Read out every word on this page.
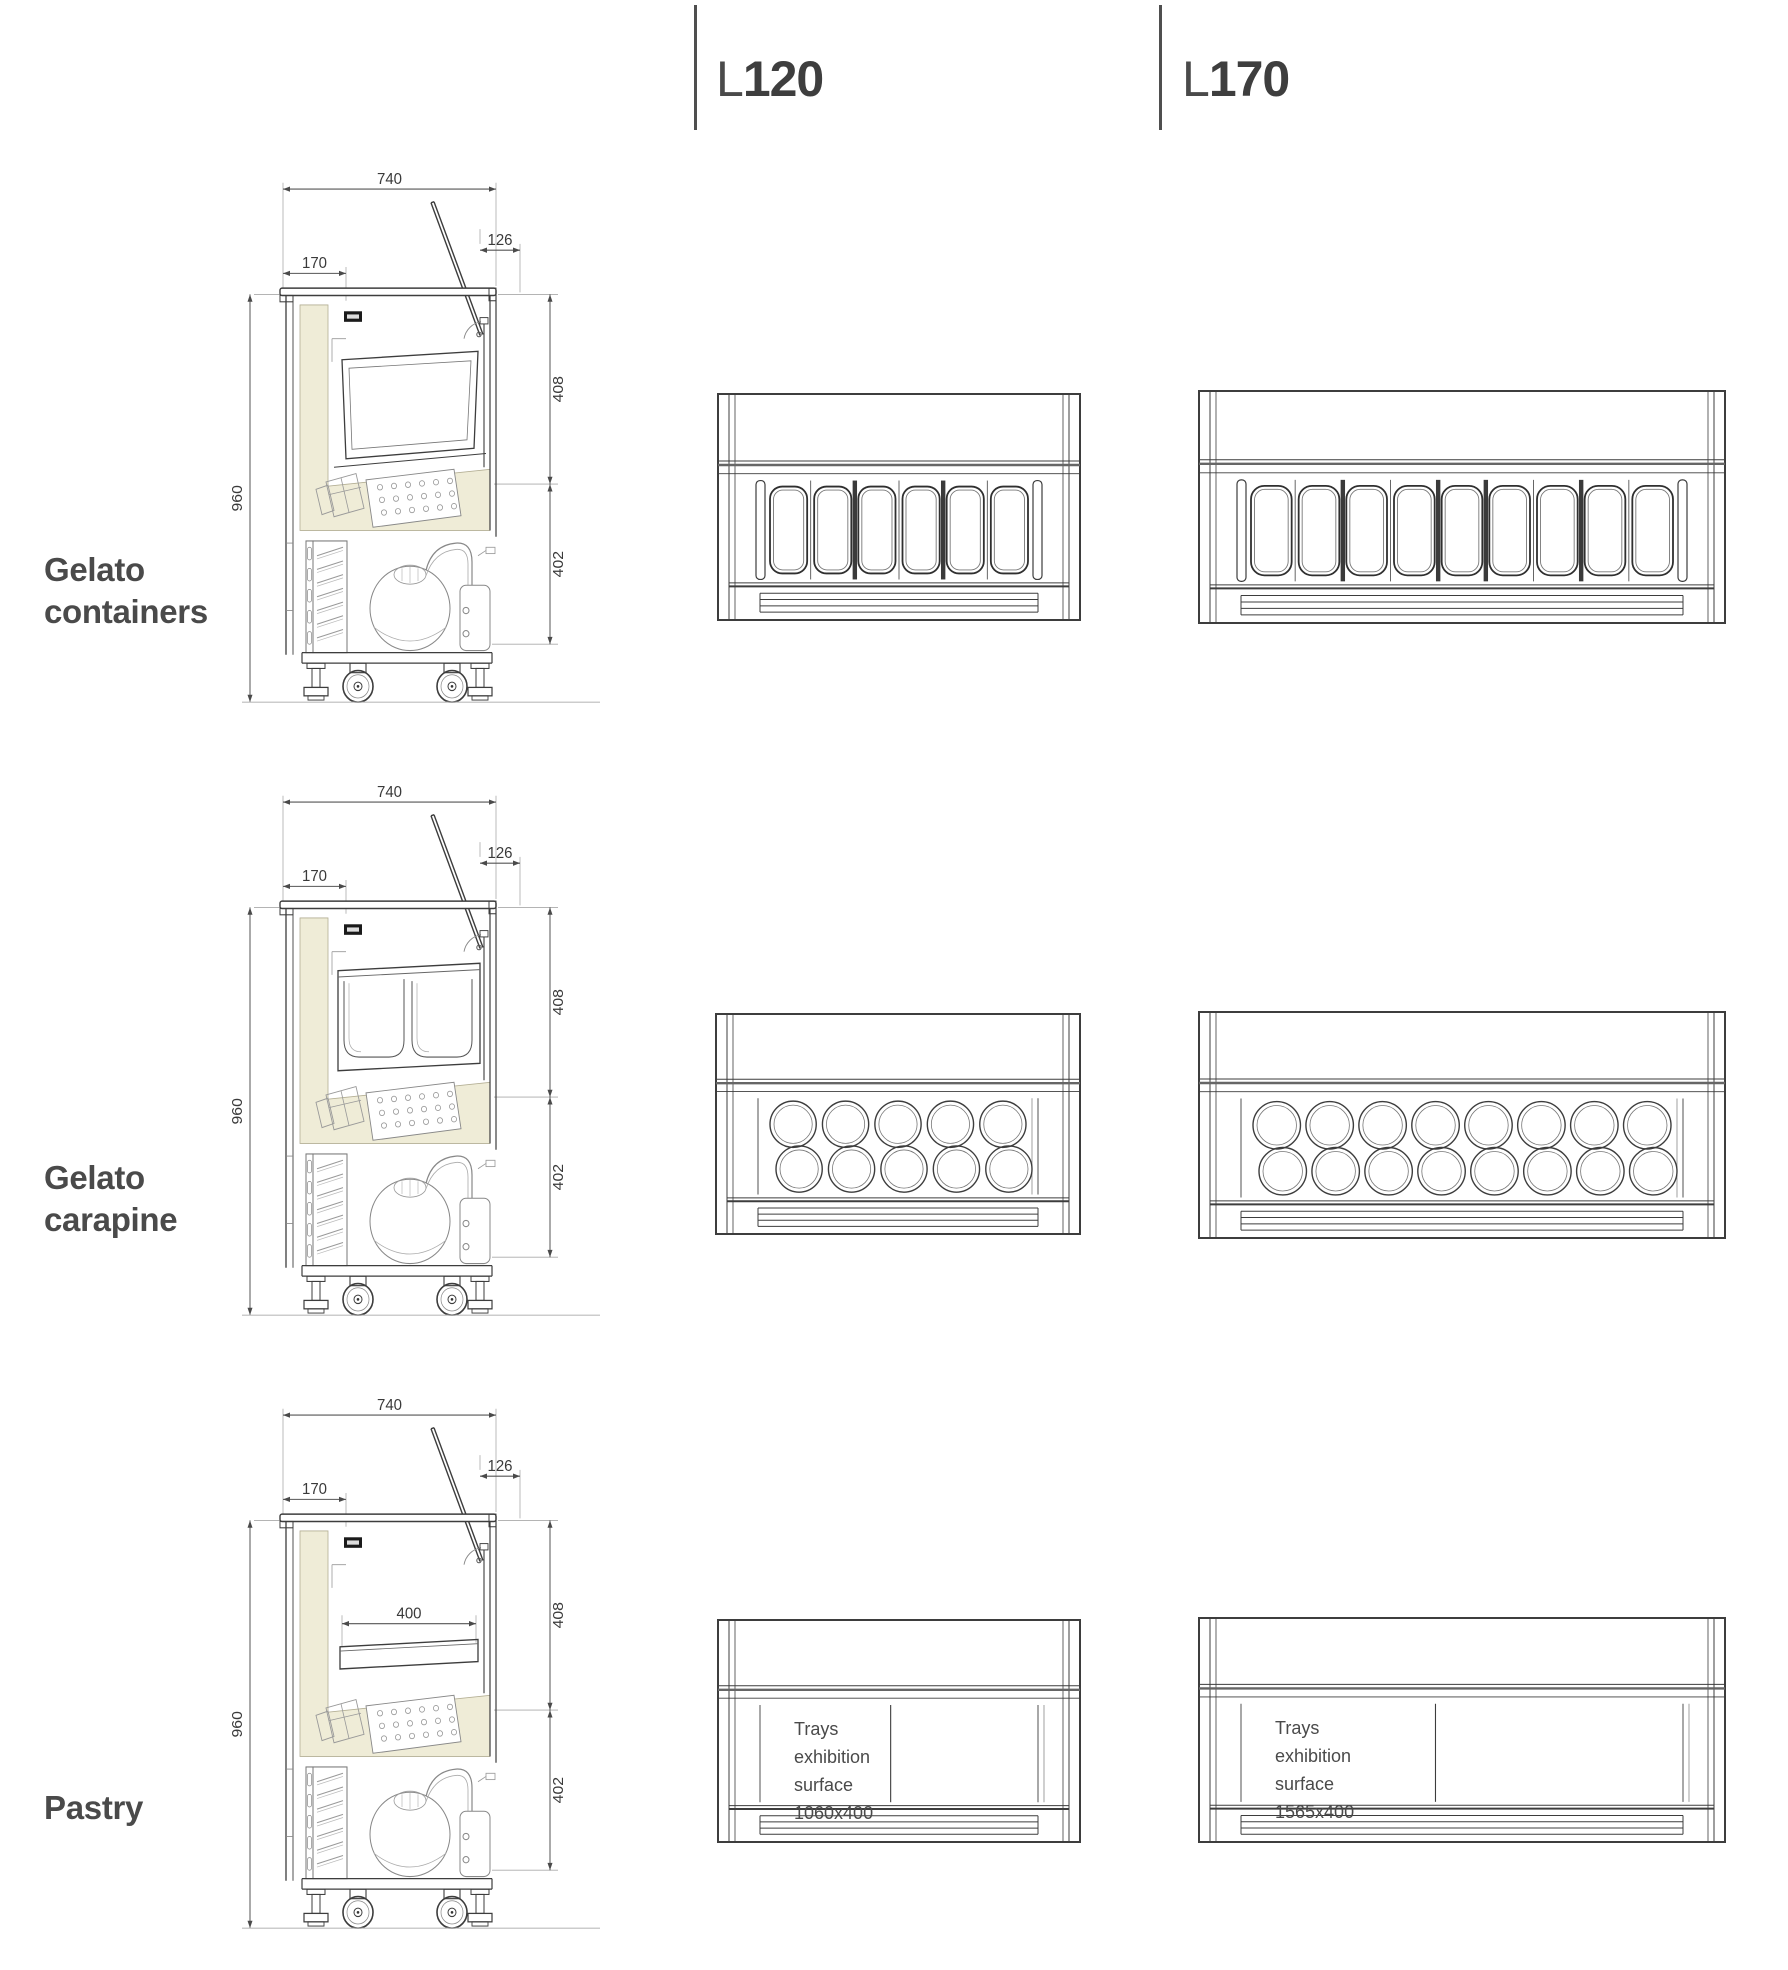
L120	L170
Gelato containers
Gelato carapine
Pastry
740
170
126
960
408
402
740
170
126
960
408
402
740
170
126
960
408
402
400
Trays
exhibition
surface
1060x400
Trays
exhibition
surface
1565x400
